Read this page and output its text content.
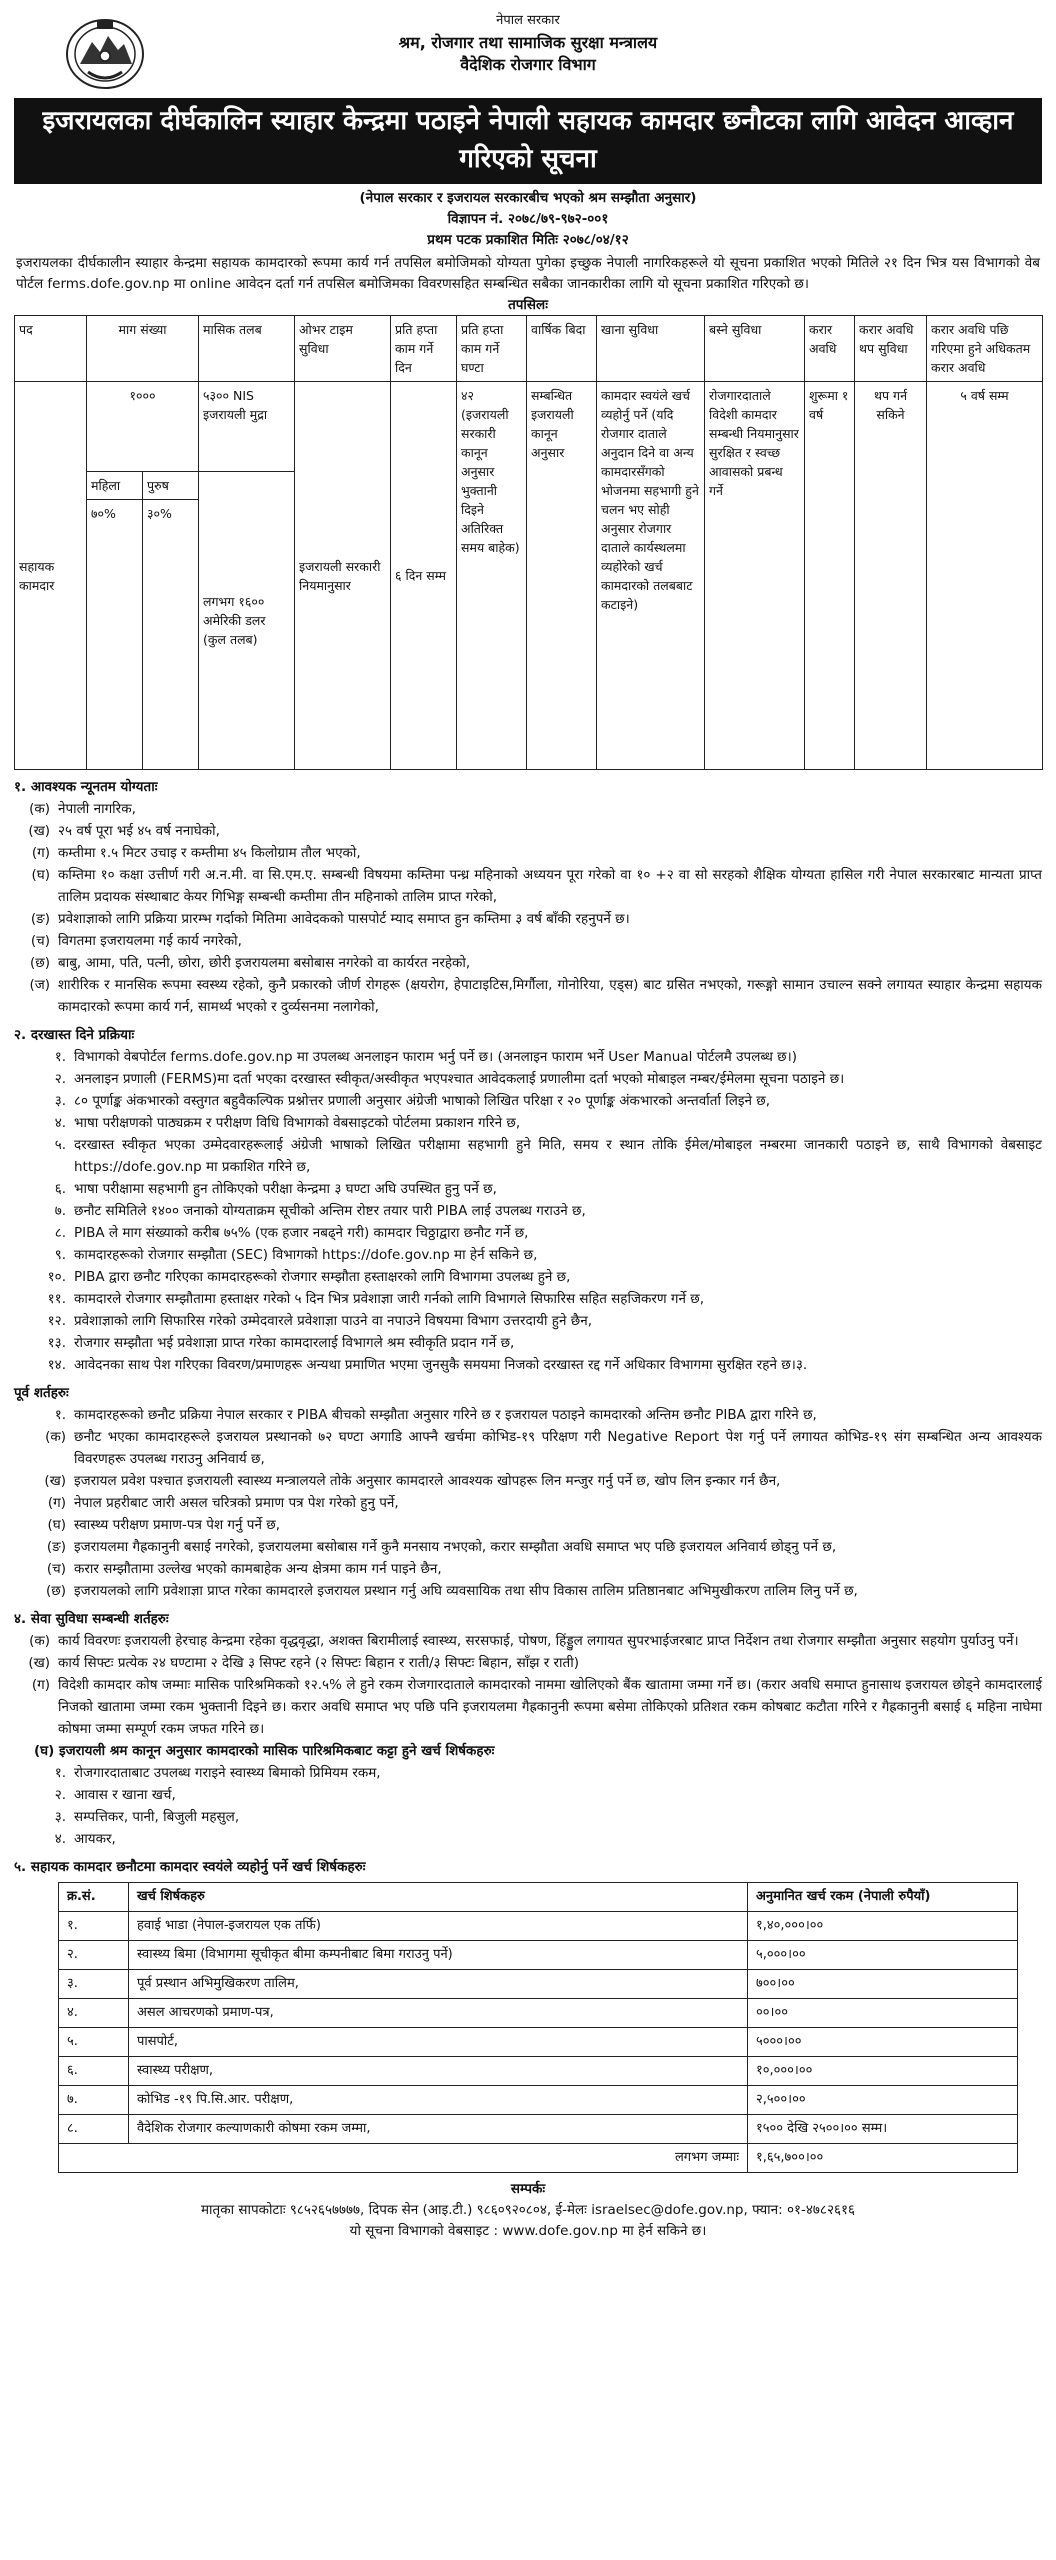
नेपाल सरकार
श्रम, रोजगार तथा सामाजिक सुरक्षा मन्त्रालय
वैदेशिक रोजगार विभाग
इजरायलका दीर्घकालिन स्याहार केन्द्रमा पठाइने नेपाली सहायक कामदार छनौटका लागि आवेदन आव्हान गरिएको सूचना
(नेपाल सरकार र इजरायल सरकारबीच भएको श्रम सम्झौता अनुसार)
विज्ञापन नं. २०७८/७९-९७२-००१
प्रथम पटक प्रकाशित मितिः २०७८/०४/१२
इजरायलका दीर्घकालीन स्याहार केन्द्रमा सहायक कामदारको रूपमा कार्य गर्न तपसिल बमोजिमको योग्यता पुगेका इच्छुक नेपाली नागरिकहरूले यो सूचना प्रकाशित भएको मितिले २१ दिन भित्र यस विभागको वेब पोर्टल ferms.dofe.gov.np मा online आवेदन दर्ता गर्न तपसिल बमोजिमका विवरणसहित सम्बन्धित सबैका जानकारीका लागि यो सूचना प्रकाशित गरिएको छ।
तपसिलः
पद	माग संख्या		मासिक तलब	ओभर टाइम सुविधा	प्रति हप्ता काम गर्ने दिन	प्रति हप्ता काम गर्ने घण्टा	वार्षिक बिदा	खाना सुविधा	बस्ने सुविधा	करार अवधि	करार अवधि थप सुविधा	करार अवधि पछि गरिएमा हुने अधिकतम करार अवधि
सहायक कामदार	१०००		५३०० NIS इजरायली मुद्रा	इजरायली सरकारी नियमानुसार	६ दिन सम्म	४२ (इजरायली सरकारी कानून अनुसार भुक्तानी दिइने अतिरिक्त समय बाहेक)	सम्बन्धित इजरायली कानून अनुसार	कामदार स्वयंले खर्च व्यहोर्नु पर्ने (यदि रोजगार दाताले अनुदान दिने वा अन्य कामदारसँगको भोजनमा सहभागी हुने चलन भए सोही अनुसार रोजगार दाताले कार्यस्थलमा व्यहोरेको खर्च कामदारको तलबबाट कटाइने)	रोजगारदाताले विदेशी कामदार सम्बन्धी नियमानुसार सुरक्षित र स्वच्छ आवासको प्रबन्ध गर्ने	शुरूमा १ वर्ष	थप गर्न सकिने	५ वर्ष सम्म
	महिला	पुरुष	लगभग १६०० अमेरिकी डलर (कुल तलब)									
	७०%	३०%										
१. आवश्यक न्यूनतम योग्यताः
(क) नेपाली नागरिक,
(ख) २५ वर्ष पूरा भई ४५ वर्ष ननाघेको,
(ग) कम्तीमा १.५ मिटर उचाइ र कम्तीमा ४५ किलोग्राम तौल भएको,
(घ) कम्तिमा १० कक्षा उत्तीर्ण गरी अ.न.मी. वा सि.एम.ए. सम्बन्धी विषयमा कम्तिमा पन्ध्र महिनाको अध्ययन पूरा गरेको वा १० +२ वा सो सरहको शैक्षिक योग्यता हासिल गरी नेपाल सरकारबाट मान्यता प्राप्त तालिम प्रदायक संस्थाबाट केयर गिभिङ्ग सम्बन्धी कम्तीमा तीन महिनाको तालिम प्राप्त गरेको,
(ङ) प्रवेशाज्ञाको लागि प्रक्रिया प्रारम्भ गर्दाको मितिमा आवेदकको पासपोर्ट म्याद समाप्त हुन कम्तिमा ३ वर्ष बाँकी रहनुपर्ने छ।
(च) विगतमा इजरायलमा गई कार्य नगरेको,
(छ) बाबु, आमा, पति, पत्नी, छोरा, छोरी इजरायलमा बसोबास नगरेको वा कार्यरत नरहेको,
(ज) शारीरिक र मानसिक रूपमा स्वस्थ्य रहेको, कुनै प्रकारको जीर्ण रोगहरू (क्षयरोग, हेपाटाइटिस,मिर्गौला, गोनोरिया, एड्स) बाट ग्रसित नभएको, गरूङ्गो सामान उचाल्न सक्ने लगायत स्याहार केन्द्रमा सहायक कामदारको रूपमा कार्य गर्न, सामर्थ्य भएको र दुर्व्यसनमा नलागेको,
२. दरखास्त दिने प्रक्रियाः
१. विभागको वेबपोर्टल ferms.dofe.gov.np मा उपलब्ध अनलाइन फाराम भर्नु पर्ने छ। (अनलाइन फाराम भर्ने User Manual पोर्टलमै उपलब्ध छ।)
२. अनलाइन प्रणाली (FERMS)मा दर्ता भएका दरखास्त स्वीकृत/अस्वीकृत भएपश्चात आवेदकलाई प्रणालीमा दर्ता भएको मोबाइल नम्बर/ईमेलमा सूचना पठाइने छ।
३. ८० पूर्णाङ्क अंकभारको वस्तुगत बहुवैकल्पिक प्रश्नोत्तर प्रणाली अनुसार अंग्रेजी भाषाको लिखित परिक्षा र २० पूर्णाङ्क अंकभारको अन्तर्वार्ता लिइने छ,
४. भाषा परीक्षणको पाठ्यक्रम र परीक्षण विधि विभागको वेबसाइटको पोर्टलमा प्रकाशन गरिने छ,
५. दरखास्त स्वीकृत भएका उम्मेदवारहरूलाई अंग्रेजी भाषाको लिखित परीक्षामा सहभागी हुने मिति, समय र स्थान तोकि ईमेल/मोबाइल नम्बरमा जानकारी पठाइने छ, साथै विभागको वेबसाइट https://dofe.gov.np मा प्रकाशित गरिने छ,
६. भाषा परीक्षामा सहभागी हुन तोकिएको परीक्षा केन्द्रमा ३ घण्टा अघि उपस्थित हुनु पर्ने छ,
७. छनौट समितिले १४०० जनाको योग्यताक्रम सूचीको अन्तिम रोष्टर तयार पारी PIBA लाई उपलब्ध गराउने छ,
८. PIBA ले माग संख्याको करीब ७५% (एक हजार नबढ्ने गरी) कामदार चिठ्ठाद्वारा छनौट गर्ने छ,
९. कामदारहरूको रोजगार सम्झौता (SEC) विभागको https://dofe.gov.np मा हेर्न सकिने छ,
१०. PIBA द्वारा छनौट गरिएका कामदारहरूको रोजगार सम्झौता हस्ताक्षरको लागि विभागमा उपलब्ध हुने छ,
११. कामदारले रोजगार सम्झौतामा हस्ताक्षर गरेको ५ दिन भित्र प्रवेशाज्ञा जारी गर्नको लागि विभागले सिफारिस सहित सहजिकरण गर्ने छ,
१२. प्रवेशाज्ञाको लागि सिफारिस गरेको उम्मेदवारले प्रवेशाज्ञा पाउने वा नपाउने विषयमा विभाग उत्तरदायी हुने छैन,
१३. रोजगार सम्झौता भई प्रवेशाज्ञा प्राप्त गरेका कामदारलाई विभागले श्रम स्वीकृति प्रदान गर्ने छ,
१४. आवेदनका साथ पेश गरिएका विवरण/प्रमाणहरू अन्यथा प्रमाणित भएमा जुनसुकै समयमा निजको दरखास्त रद्द गर्ने अधिकार विभागमा सुरक्षित रहने छ।३.
पूर्व शर्तहरुः
१. कामदारहरूको छनौट प्रक्रिया नेपाल सरकार र PIBA बीचको सम्झौता अनुसार गरिने छ र इजरायल पठाइने कामदारको अन्तिम छनौट PIBA द्वारा गरिने छ,
(क) छनौट भएका कामदारहरूले इजरायल प्रस्थानको ७२ घण्टा अगाडि आफ्नै खर्चमा कोभिड-१९ परिक्षण गरी Negative Report पेश गर्नु पर्ने लगायत कोभिड-१९ संग सम्बन्धित अन्य आवश्यक विवरणहरू उपलब्ध गराउनु अनिवार्य छ,
(ख) इजरायल प्रवेश पश्चात इजरायली स्वास्थ्य मन्त्रालयले तोके अनुसार कामदारले आवश्यक खोपहरू लिन मन्जुर गर्नु पर्ने छ, खोप लिन इन्कार गर्न छैन,
(ग) नेपाल प्रहरीबाट जारी असल चरित्रको प्रमाण पत्र पेश गरेको हुनु पर्ने,
(घ) स्वास्थ्य परीक्षण प्रमाण-पत्र पेश गर्नु पर्ने छ,
(ङ) इजरायलमा गैह्रकानुनी बसाई नगरेको, इजरायलमा बसोबास गर्ने कुनै मनसाय नभएको, करार सम्झौता अवधि समाप्त भए पछि इजरायल अनिवार्य छोड्नु पर्ने छ,
(च) करार सम्झौतामा उल्लेख भएको कामबाहेक अन्य क्षेत्रमा काम गर्न पाइने छैन,
(छ) इजरायलको लागि प्रवेशाज्ञा प्राप्त गरेका कामदारले इजरायल प्रस्थान गर्नु अघि व्यवसायिक तथा सीप विकास तालिम प्रतिष्ठानबाट अभिमुखीकरण तालिम लिनु पर्ने छ,
४. सेवा सुविधा सम्बन्धी शर्तहरुः
(क) कार्य विवरणः इजरायली हेरचाह केन्द्रमा रहेका वृद्धवृद्धा, अशक्त बिरामीलाई स्वास्थ्य, सरसफाई, पोषण, हिंड्डुल लगायत सुपरभाईजरबाट प्राप्त निर्देशन तथा रोजगार सम्झौता अनुसार सहयोग पुर्याउनु पर्ने।
(ख) कार्य सिफ्टः प्रत्येक २४ घण्टामा २ देखि ३ सिफ्ट रहने (२ सिफ्टः बिहान र राती/३ सिफ्टः बिहान, साँझ र राती)
(ग) विदेशी कामदार कोष जम्माः मासिक पारिश्रमिकको १२.५% ले हुने रकम रोजगारदाताले कामदारको नाममा खोलिएको बैंक खातामा जम्मा गर्ने छ। (करार अवधि समाप्त हुनासाथ इजरायल छोड्ने कामदारलाई निजको खातामा जम्मा रकम भुक्तानी दिइने छ। करार अवधि समाप्त भए पछि पनि इजरायलमा गैह्रकानुनी रूपमा बसेमा तोकिएको प्रतिशत रकम कोषबाट कटौता गरिने र गैह्रकानुनी बसाई ६ महिना नाघेमा कोषमा जम्मा सम्पूर्ण रकम जफत गरिने छ।
(घ) इजरायली श्रम कानून अनुसार कामदारको मासिक पारिश्रमिकबाट कट्टा हुने खर्च शिर्षकहरुः
१. रोजगारदाताबाट उपलब्ध गराइने स्वास्थ्य बिमाको प्रिमियम रकम,
२. आवास र खाना खर्च,
३. सम्पत्तिकर, पानी, बिजुली महसुल,
४. आयकर,
५. सहायक कामदार छनौटमा कामदार स्वयंले व्यहोर्नु पर्ने खर्च शिर्षकहरुः
क्र.सं.	खर्च शिर्षकहरु	अनुमानित खर्च रकम (नेपाली रुपैयाँ)
१.	हवाई भाडा (नेपाल-इजरायल एक तर्फि)	१,४०,०००।००
२.	स्वास्थ्य बिमा (विभागमा सूचीकृत बीमा कम्पनीबाट बिमा गराउनु पर्ने)	५,०००।००
३.	पूर्व प्रस्थान अभिमुखिकरण तालिम,	७००।००
४.	असल आचरणको प्रमाण-पत्र,	००।००
५.	पासपोर्ट,	५०००।००
६.	स्वास्थ्य परीक्षण,	१०,०००।००
७.	कोभिड -१९ पि.सि.आर. परीक्षण,	२,५००।००
८.	वैदेशिक रोजगार कल्याणकारी कोषमा रकम जम्मा,	१५०० देखि २५००।०० सम्म।
लगभग जम्माः		१,६५,७००।००
सम्पर्कः
मातृका सापकोटाः ९८५२६५७७७७, दिपक सेन (आइ.टी.) ९८६०९२०८०४, ई-मेलः israelsec@dofe.gov.np, फ्यान: ०१-४७८२६१६
यो सूचना विभागको वेबसाइट : www.dofe.gov.np मा हेर्न सकिने छ।
